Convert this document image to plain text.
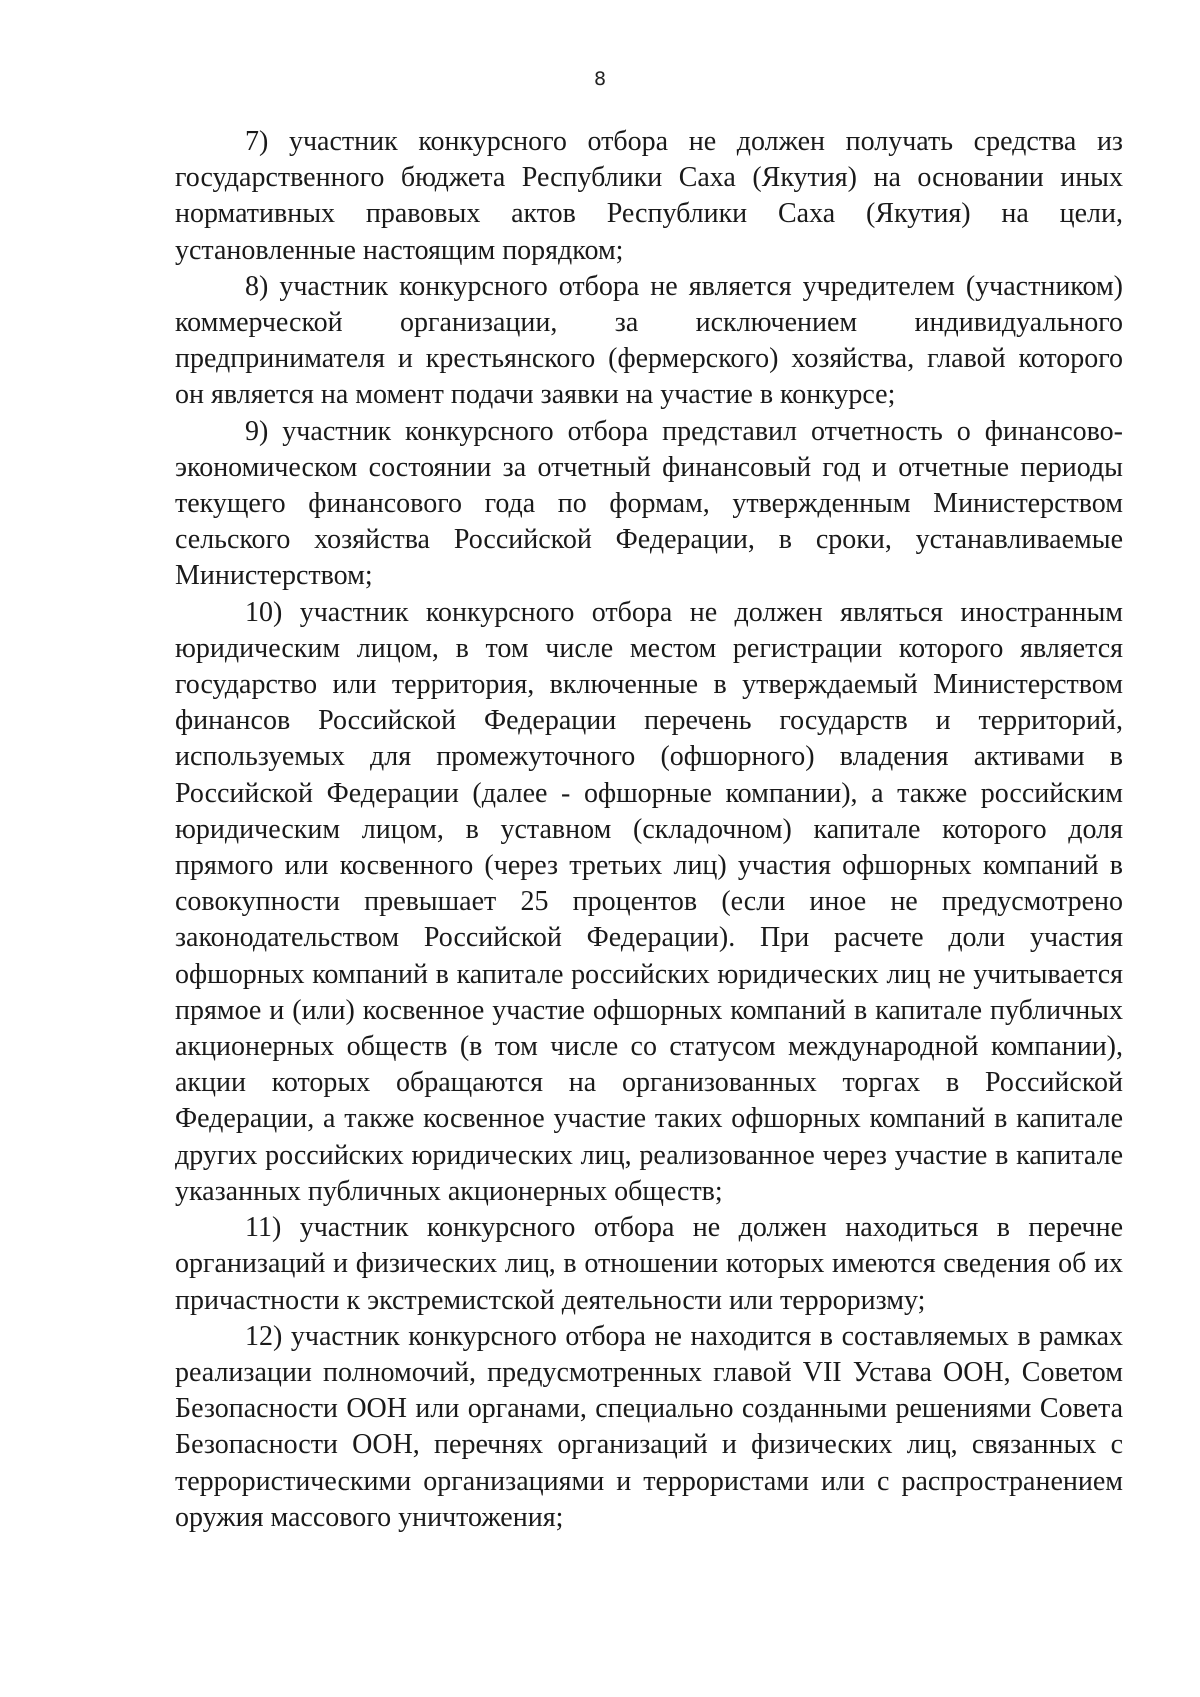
8

7) участник конкурсного отбора не должен получать средства из государственного бюджета Республики Саха (Якутия) на основании иных нормативных правовых актов Республики Саха (Якутия) на цели, установленные настоящим порядком;

8) участник конкурсного отбора не является учредителем (участником) коммерческой организации, за исключением индивидуального предпринимателя и крестьянского (фермерского) хозяйства, главой которого он является на момент подачи заявки на участие в конкурсе;

9) участник конкурсного отбора представил отчетность о финансово-экономическом состоянии за отчетный финансовый год и отчетные периоды текущего финансового года по формам, утвержденным Министерством сельского хозяйства Российской Федерации, в сроки, устанавливаемые Министерством;

10) участник конкурсного отбора не должен являться иностранным юридическим лицом, в том числе местом регистрации которого является государство или территория, включенные в утверждаемый Министерством финансов Российской Федерации перечень государств и территорий, используемых для промежуточного (офшорного) владения активами в Российской Федерации (далее - офшорные компании), а также российским юридическим лицом, в уставном (складочном) капитале которого доля прямого или косвенного (через третьих лиц) участия офшорных компаний в совокупности превышает 25 процентов (если иное не предусмотрено законодательством Российской Федерации). При расчете доли участия офшорных компаний в капитале российских юридических лиц не учитывается прямое и (или) косвенное участие офшорных компаний в капитале публичных акционерных обществ (в том числе со статусом международной компании), акции которых обращаются на организованных торгах в Российской Федерации, а также косвенное участие таких офшорных компаний в капитале других российских юридических лиц, реализованное через участие в капитале указанных публичных акционерных обществ;

11) участник конкурсного отбора не должен находиться в перечне организаций и физических лиц, в отношении которых имеются сведения об их причастности к экстремистской деятельности или терроризму;

12) участник конкурсного отбора не находится в составляемых в рамках реализации полномочий, предусмотренных главой VII Устава ООН, Советом Безопасности ООН или органами, специально созданными решениями Совета Безопасности ООН, перечнях организаций и физических лиц, связанных с террористическими организациями и террористами или с распространением оружия массового уничтожения;
